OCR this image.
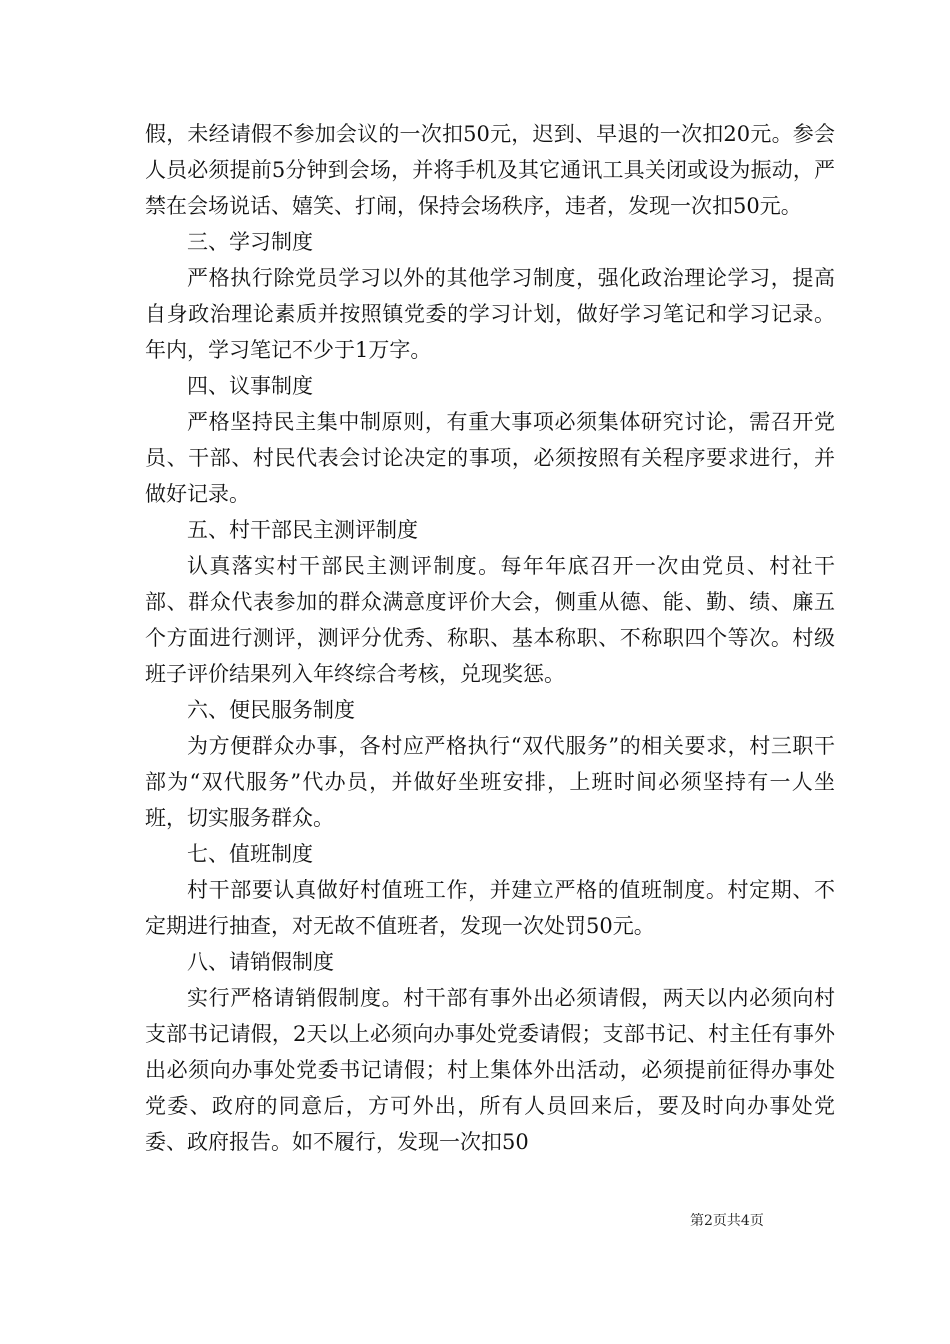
假，未经请假不参加会议的一次扣50元，迟到、早退的一次扣20元。参会人员必须提前5分钟到会场，并将手机及其它通讯工具关闭或设为振动，严禁在会场说话、嬉笑、打闹，保持会场秩序，违者，发现一次扣50元。

三、学习制度

严格执行除党员学习以外的其他学习制度，强化政治理论学习，提高自身政治理论素质并按照镇党委的学习计划，做好学习笔记和学习记录。年内，学习笔记不少于1万字。

四、议事制度

严格坚持民主集中制原则，有重大事项必须集体研究讨论，需召开党员、干部、村民代表会讨论决定的事项，必须按照有关程序要求进行，并做好记录。

五、村干部民主测评制度

认真落实村干部民主测评制度。每年年底召开一次由党员、村社干部、群众代表参加的群众满意度评价大会，侧重从德、能、勤、绩、廉五个方面进行测评，测评分优秀、称职、基本称职、不称职四个等次。村级班子评价结果列入年终综合考核，兑现奖惩。

六、便民服务制度

为方便群众办事，各村应严格执行“双代服务”的相关要求，村三职干部为“双代服务”代办员，并做好坐班安排，上班时间必须坚持有一人坐班，切实服务群众。

七、值班制度

村干部要认真做好村值班工作，并建立严格的值班制度。村定期、不定期进行抽查，对无故不值班者，发现一次处罚50元。

八、请销假制度

实行严格请销假制度。村干部有事外出必须请假，两天以内必须向村支部书记请假，2天以上必须向办事处党委请假；支部书记、村主任有事外出必须向办事处党委书记请假；村上集体外出活动，必须提前征得办事处党委、政府的同意后，方可外出，所有人员回来后，要及时向办事处党委、政府报告。如不履行，发现一次扣50

第2页共4页
